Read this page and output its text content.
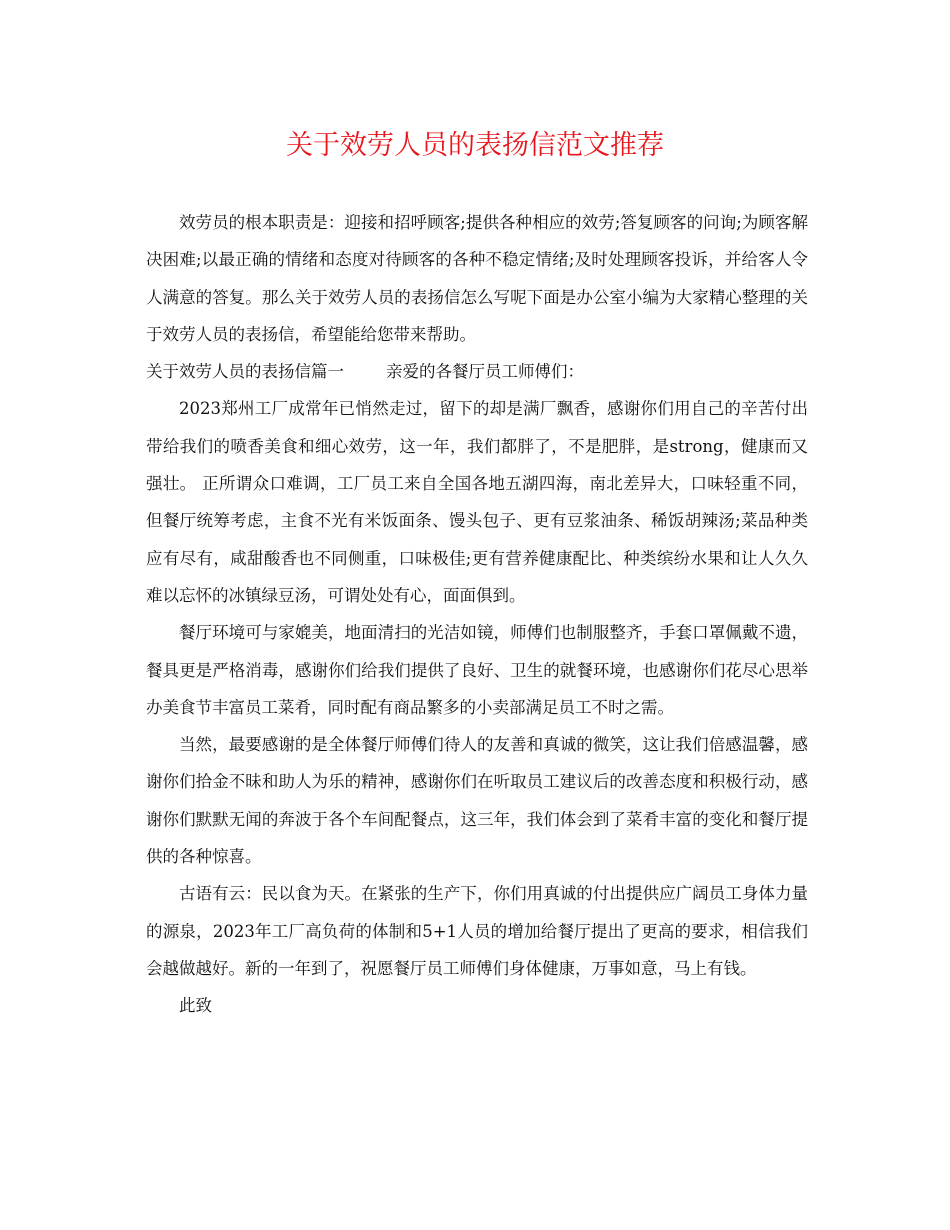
关于效劳人员的表扬信范文推荐

效劳员的根本职责是：迎接和招呼顾客;提供各种相应的效劳;答复顾客的问询;为顾客解决困难;以最正确的情绪和态度对待顾客的各种不稳定情绪;及时处理顾客投诉，并给客人令人满意的答复。那么关于效劳人员的表扬信怎么写呢下面是办公室小编为大家精心整理的关于效劳人员的表扬信，希望能给您带来帮助。

关于效劳人员的表扬信篇一	亲爱的各餐厅员工师傅们：

2023郑州工厂成常年已悄然走过，留下的却是满厂飘香，感谢你们用自己的辛苦付出带给我们的喷香美食和细心效劳，这一年，我们都胖了，不是肥胖，是strong，健康而又强壮。 正所谓众口难调，工厂员工来自全国各地五湖四海，南北差异大，口味轻重不同，但餐厅统筹考虑，主食不光有米饭面条、馒头包子、更有豆浆油条、稀饭胡辣汤;菜品种类应有尽有，咸甜酸香也不同侧重，口味极佳;更有营养健康配比、种类缤纷水果和让人久久难以忘怀的冰镇绿豆汤，可谓处处有心，面面俱到。

餐厅环境可与家媲美，地面清扫的光洁如镜，师傅们也制服整齐，手套口罩佩戴不遗，餐具更是严格消毒，感谢你们给我们提供了良好、卫生的就餐环境，也感谢你们花尽心思举办美食节丰富员工菜肴，同时配有商品繁多的小卖部满足员工不时之需。

当然，最要感谢的是全体餐厅师傅们待人的友善和真诚的微笑，这让我们倍感温馨，感谢你们拾金不昧和助人为乐的精神，感谢你们在听取员工建议后的改善态度和积极行动，感谢你们默默无闻的奔波于各个车间配餐点，这三年，我们体会到了菜肴丰富的变化和餐厅提供的各种惊喜。

古语有云：民以食为天。在紧张的生产下，你们用真诚的付出提供应广阔员工身体力量的源泉，2023年工厂高负荷的体制和5+1人员的增加给餐厅提出了更高的要求，相信我们会越做越好。新的一年到了，祝愿餐厅员工师傅们身体健康，万事如意，马上有钱。

此致
